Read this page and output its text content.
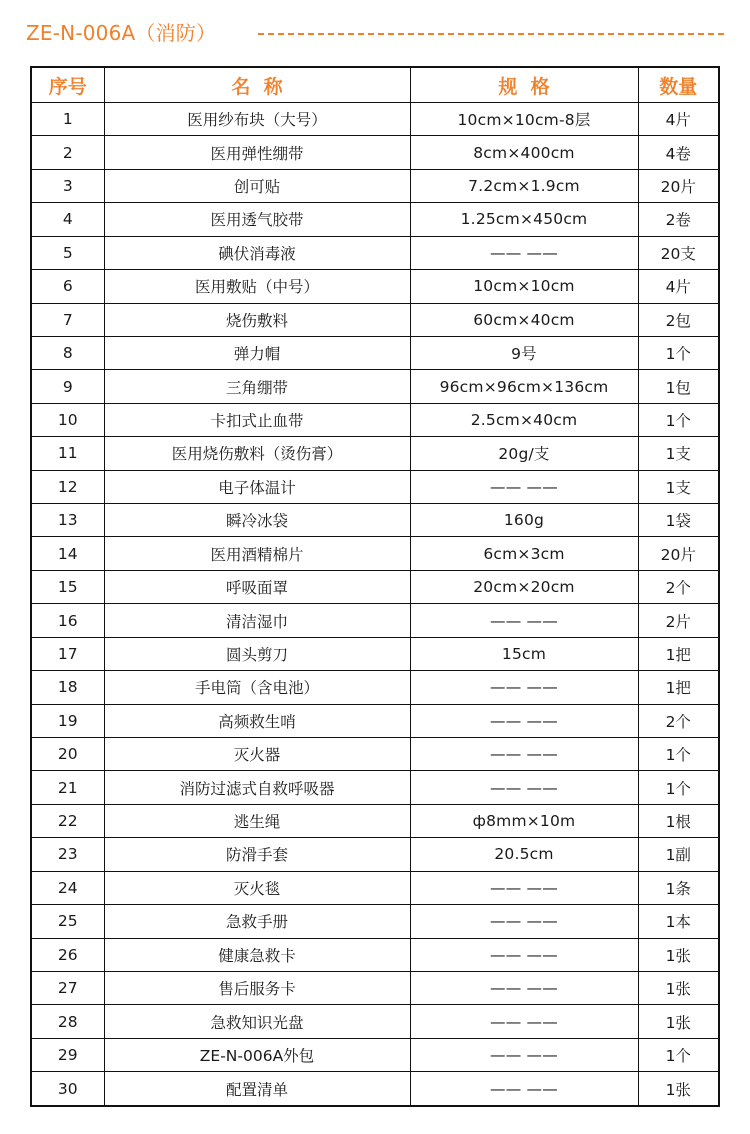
ZE-N-006A（消防）
序号	名  称	规  格	数量
1	医用纱布块（大号）	10cm×10cm-8层	4片
2	医用弹性绷带	8cm×400cm	4卷
3	创可贴	7.2cm×1.9cm	20片
4	医用透气胶带	1.25cm×450cm	2卷
5	碘伏消毒液	—— ——	20支
6	医用敷贴（中号）	10cm×10cm	4片
7	烧伤敷料	60cm×40cm	2包
8	弹力帽	9号	1个
9	三角绷带	96cm×96cm×136cm	1包
10	卡扣式止血带	2.5cm×40cm	1个
11	医用烧伤敷料（烫伤膏）	20g/支	1支
12	电子体温计	—— ——	1支
13	瞬冷冰袋	160g	1袋
14	医用酒精棉片	6cm×3cm	20片
15	呼吸面罩	20cm×20cm	2个
16	清洁湿巾	—— ——	2片
17	圆头剪刀	15cm	1把
18	手电筒（含电池）	—— ——	1把
19	高频救生哨	—— ——	2个
20	灭火器	—— ——	1个
21	消防过滤式自救呼吸器	—— ——	1个
22	逃生绳	ф8mm×10m	1根
23	防滑手套	20.5cm	1副
24	灭火毯	—— ——	1条
25	急救手册	—— ——	1本
26	健康急救卡	—— ——	1张
27	售后服务卡	—— ——	1张
28	急救知识光盘	—— ——	1张
29	ZE-N-006A外包	—— ——	1个
30	配置清单	—— ——	1张
